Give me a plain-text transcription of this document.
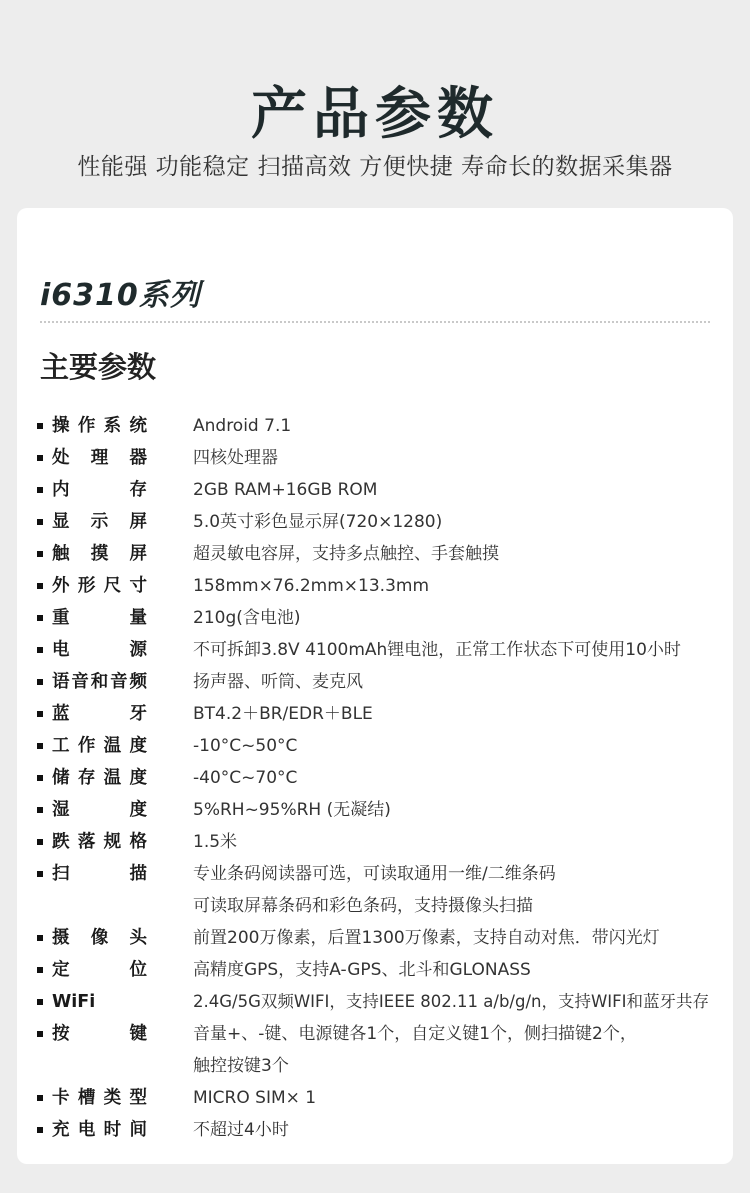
产品参数
性能强 功能稳定 扫描高效 方便快捷 寿命长的数据采集器
i6310系列
主要参数
操作系统	Android 7.1
处理器	四核处理器
内存	2GB RAM+16GB ROM
显示屏	5.0英寸彩色显示屏(720×1280)
触摸屏	超灵敏电容屏，支持多点触控、手套触摸
外形尺寸	158mm×76.2mm×13.3mm
重量	210g(含电池)
电源	不可拆卸3.8V 4100mAh锂电池，正常工作状态下可使用10小时
语音和音频	扬声器、听筒、麦克风
蓝牙	BT4.2＋BR/EDR＋BLE
工作温度	-10°C~50°C
储存温度	-40°C~70°C
湿度	5%RH~95%RH (无凝结)
跌落规格	1.5米
扫描	专业条码阅读器可选，可读取通用一维/二维条码
可读取屏幕条码和彩色条码，支持摄像头扫描
摄像头	前置200万像素，后置1300万像素，支持自动对焦．带闪光灯
定位	高精度GPS，支持A-GPS、北斗和GLONASS
WiFi	2.4G/5G双频WIFI，支持IEEE 802.11 a/b/g/n，支持WIFI和蓝牙共存
按键	音量+、-键、电源键各1个，自定义键1个，侧扫描键2个，
触控按键3个
卡槽类型	MICRO SIM× 1
充电时间	不超过4小时
